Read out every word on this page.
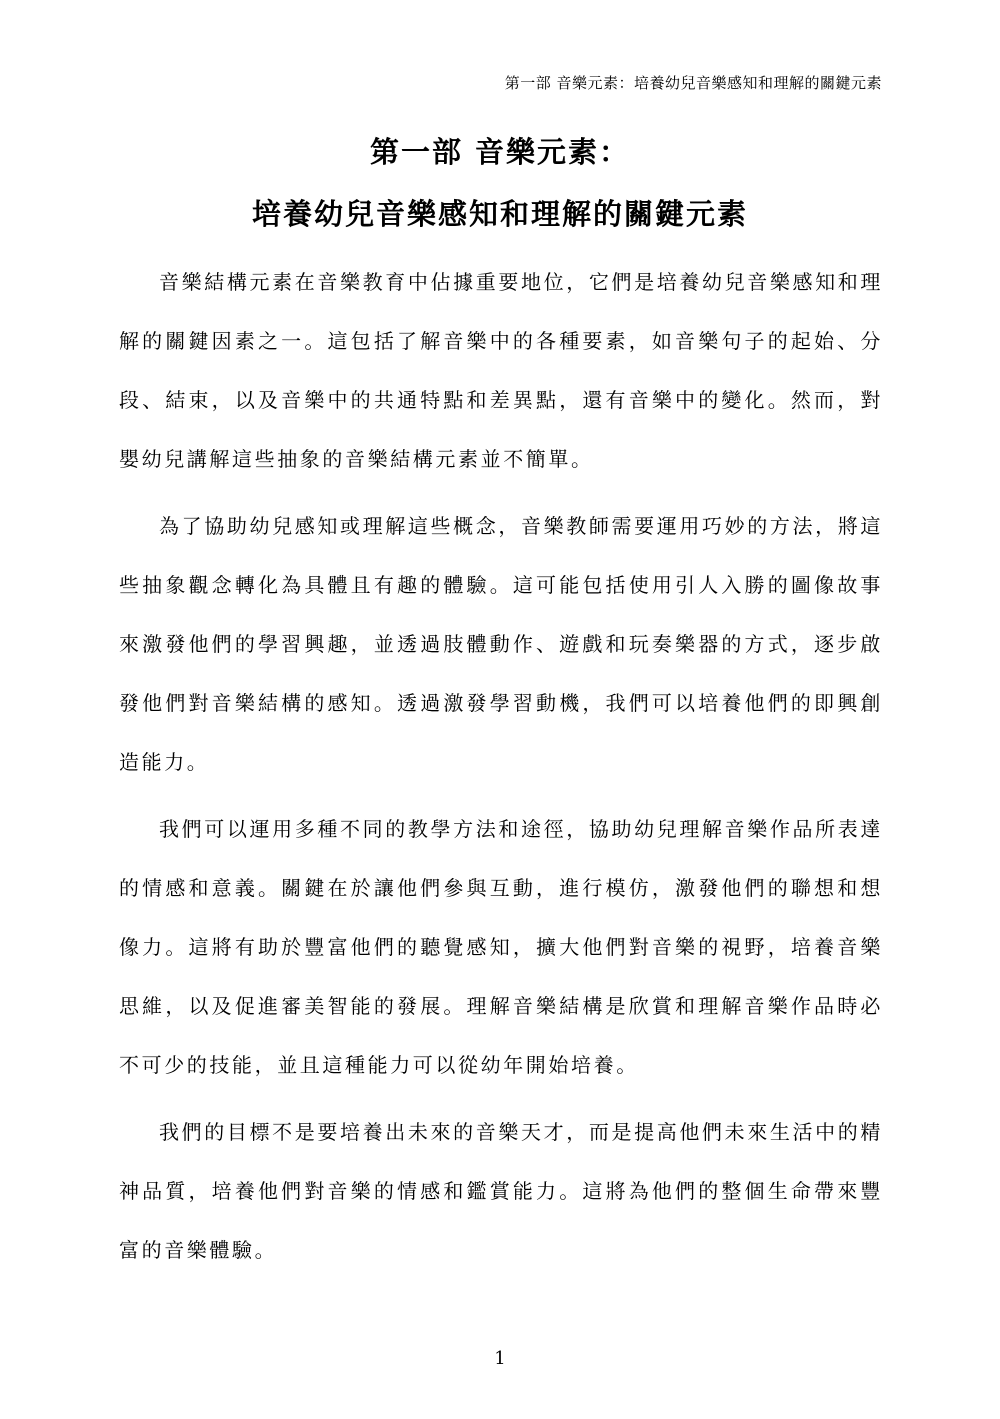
第一部 音樂元素：培養幼兒音樂感知和理解的關鍵元素
第一部 音樂元素：
培養幼兒音樂感知和理解的關鍵元素

音樂結構元素在音樂教育中佔據重要地位，它們是培養幼兒音樂感知和理解的關鍵因素之一。這包括了解音樂中的各種要素，如音樂句子的起始、分段、結束，以及音樂中的共通特點和差異點，還有音樂中的變化。然而，對嬰幼兒講解這些抽象的音樂結構元素並不簡單。

為了協助幼兒感知或理解這些概念，音樂教師需要運用巧妙的方法，將這些抽象觀念轉化為具體且有趣的體驗。這可能包括使用引人入勝的圖像故事來激發他們的學習興趣，並透過肢體動作、遊戲和玩奏樂器的方式，逐步啟發他們對音樂結構的感知。透過激發學習動機，我們可以培養他們的即興創造能力。

我們可以運用多種不同的教學方法和途徑，協助幼兒理解音樂作品所表達的情感和意義。關鍵在於讓他們參與互動，進行模仿，激發他們的聯想和想像力。這將有助於豐富他們的聽覺感知，擴大他們對音樂的視野，培養音樂思維，以及促進審美智能的發展。理解音樂結構是欣賞和理解音樂作品時必不可少的技能，並且這種能力可以從幼年開始培養。

我們的目標不是要培養出未來的音樂天才，而是提高他們未來生活中的精神品質，培養他們對音樂的情感和鑑賞能力。這將為他們的整個生命帶來豐富的音樂體驗。

1
